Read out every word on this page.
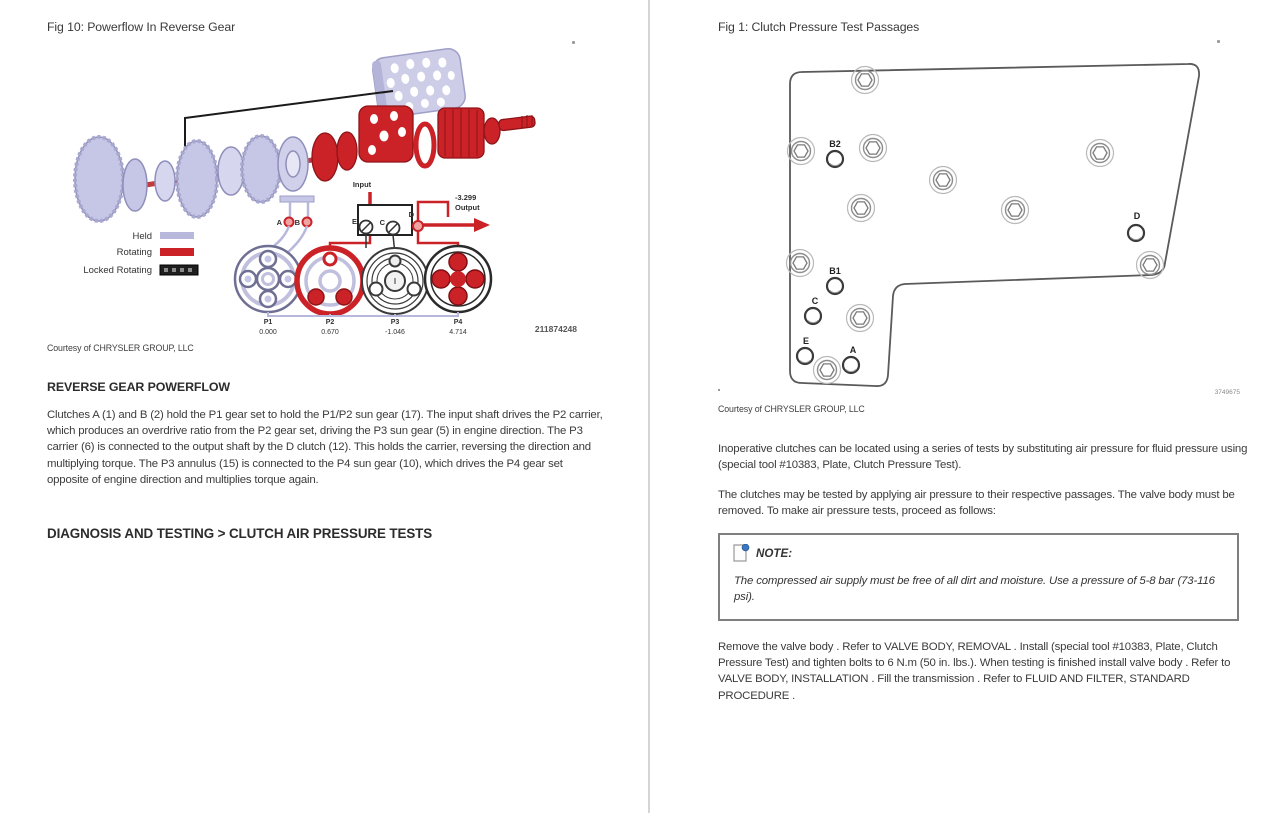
Fig 10: Powerflow In Reverse Gear
Held
Rotating
Locked Rotating
Input
A B	E	C
D
-3.299
Output
P1	P2	P3	P4
0.000	0.670	-1.046	4.714	211874248
Courtesy of CHRYSLER GROUP, LLC
REVERSE GEAR POWERFLOW

Clutches A (1) and B (2) hold the P1 gear set to hold the P1/P2 sun gear (17). The input shaft drives the P2 carrier, which produces an overdrive ratio from the P2 gear set, driving the P3 sun gear (5) in engine direction. The P3 carrier (6) is connected to the output shaft by the D clutch (12). This holds the carrier, reversing the direction and multiplying torque. The P3 annulus (15) is connected to the P4 sun gear (10), which drives the P4 gear set opposite of engine direction and multiplies torque again.

DIAGNOSIS AND TESTING > CLUTCH AIR PRESSURE TESTS
Fig 1: Clutch Pressure Test Passages
B2
D
B1
C
E
A
3749675
Courtesy of CHRYSLER GROUP, LLC

Inoperative clutches can be located using a series of tests by substituting air pressure for fluid pressure using (special tool #10383, Plate, Clutch Pressure Test).

The clutches may be tested by applying air pressure to their respective passages. The valve body must be removed. To make air pressure tests, proceed as follows:

NOTE:

The compressed air supply must be free of all dirt and moisture. Use a pressure of 5-8 bar (73-116 psi).

Remove the valve body . Refer to VALVE BODY, REMOVAL . Install (special tool #10383, Plate, Clutch Pressure Test) and tighten bolts to 6 N.m (50 in. lbs.). When testing is finished install valve body . Refer to VALVE BODY, INSTALLATION . Fill the transmission . Refer to FLUID AND FILTER, STANDARD PROCEDURE .
